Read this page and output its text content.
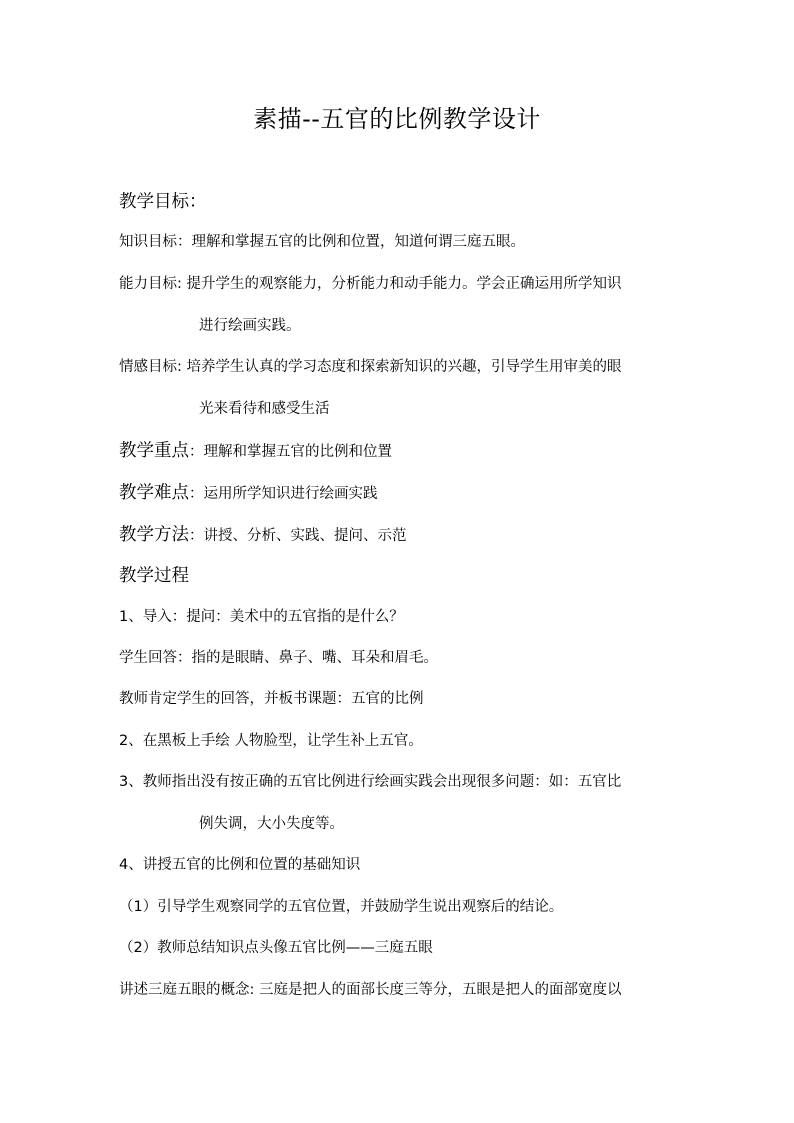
素描--五官的比例教学设计
教学目标：
知识目标：理解和掌握五官的比例和位置，知道何谓三庭五眼。
能力目标: 提升学生的观察能力，分析能力和动手能力。学会正确运用所学知识
进行绘画实践。
情感目标: 培养学生认真的学习态度和探索新知识的兴趣，引导学生用审美的眼
光来看待和感受生活
教学重点：理解和掌握五官的比例和位置
教学难点：运用所学知识进行绘画实践
教学方法：讲授、分析、实践、提问、示范
教学过程
1、导入：提问：美术中的五官指的是什么？
学生回答：指的是眼睛、鼻子、嘴、耳朵和眉毛。
教师肯定学生的回答，并板书课题：五官的比例
2、在黑板上手绘 人物脸型，让学生补上五官。
3、教师指出没有按正确的五官比例进行绘画实践会出现很多问题：如：五官比
例失调，大小失度等。
4、讲授五官的比例和位置的基础知识
（1）引导学生观察同学的五官位置，并鼓励学生说出观察后的结论。
（2）教师总结知识点头像五官比例——三庭五眼
讲述三庭五眼的概念: 三庭是把人的面部长度三等分，五眼是把人的面部宽度以
